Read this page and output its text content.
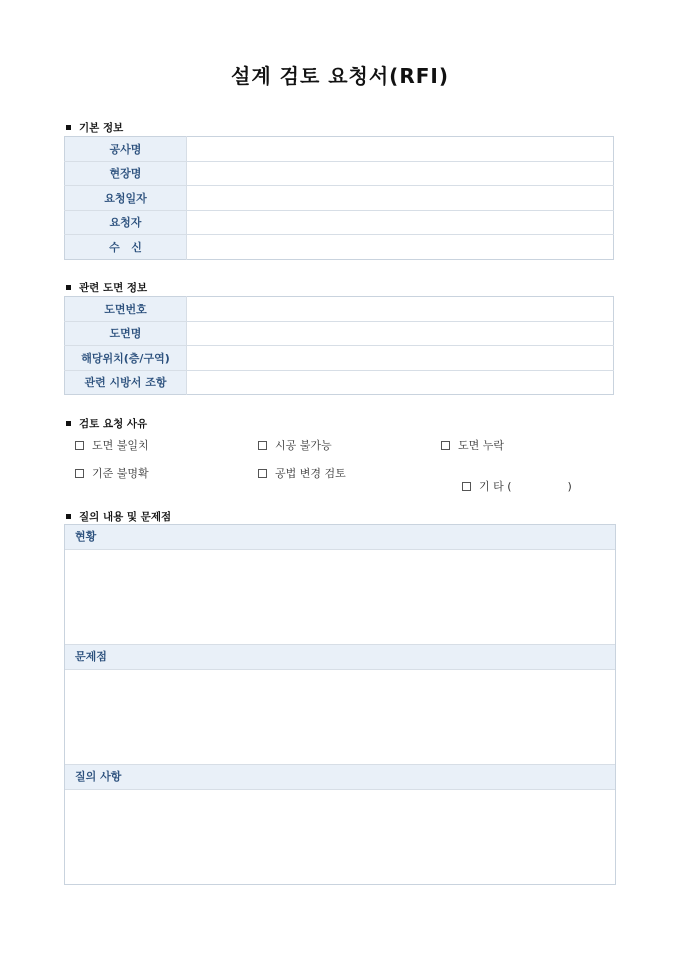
설계 검토 요청서(RFI)
기본 정보
공사명	
현장명	
요청일자	
요청자	
수   신	
관련 도면 정보
도면번호	
도면명	
해당위치(층/구역)	
관련 시방서 조항	
검토 요청 사유
도면 불일치	시공 불가능	도면 누락
기준 불명확	공법 변경 검토

기 타 (                )

질의 내용 및 문제점
현황
문제점
질의 사항
